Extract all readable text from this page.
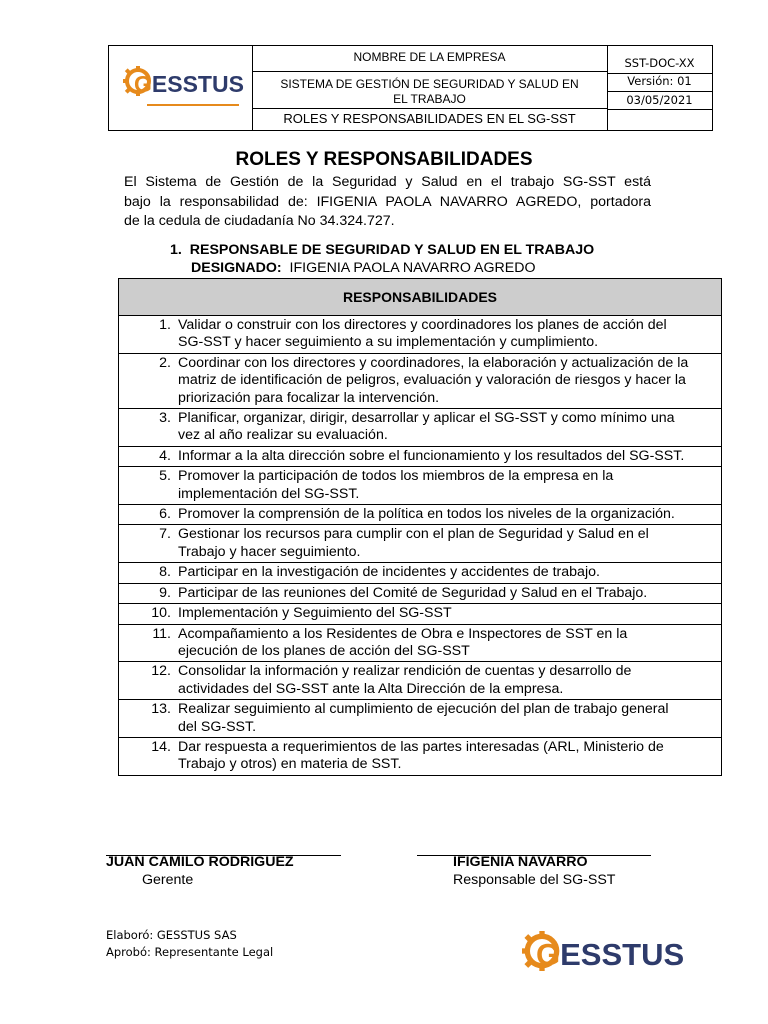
GESSTUS
NOMBRE DE LA EMPRESA
SISTEMA DE GESTIÓN DE SEGURIDAD Y SALUD EN
EL TRABAJO
ROLES Y RESPONSABILIDADES EN EL SG-SST
SST-DOC-XX
Versión: 01
03/05/2021
ROLES Y RESPONSABILIDADES
El Sistema de Gestión de la Seguridad y Salud en el trabajo SG-SST está
bajo la responsabilidad de: IFIGENIA PAOLA NAVARRO AGREDO, portadora
de la cedula de ciudadanía No 34.324.727.
1. RESPONSABLE DE SEGURIDAD Y SALUD EN EL TRABAJO
DESIGNADO: IFIGENIA PAOLA NAVARRO AGREDO
RESPONSABILIDADES
1. Validar o construir con los directores y coordinadores los planes de acción del
SG-SST y hacer seguimiento a su implementación y cumplimiento.
2. Coordinar con los directores y coordinadores, la elaboración y actualización de la
matriz de identificación de peligros, evaluación y valoración de riesgos y hacer la
priorización para focalizar la intervención.
3. Planificar, organizar, dirigir, desarrollar y aplicar el SG-SST y como mínimo una
vez al año realizar su evaluación.
4. Informar a la alta dirección sobre el funcionamiento y los resultados del SG-SST.
5. Promover la participación de todos los miembros de la empresa en la
implementación del SG-SST.
6. Promover la comprensión de la política en todos los niveles de la organización.
7. Gestionar los recursos para cumplir con el plan de Seguridad y Salud en el
Trabajo y hacer seguimiento.
8. Participar en la investigación de incidentes y accidentes de trabajo.
9. Participar de las reuniones del Comité de Seguridad y Salud en el Trabajo.
10. Implementación y Seguimiento del SG-SST
11. Acompañamiento a los Residentes de Obra e Inspectores de SST en la
ejecución de los planes de acción del SG-SST
12. Consolidar la información y realizar rendición de cuentas y desarrollo de
actividades del SG-SST ante la Alta Dirección de la empresa.
13. Realizar seguimiento al cumplimiento de ejecución del plan de trabajo general
del SG-SST.
14. Dar respuesta a requerimientos de las partes interesadas (ARL, Ministerio de
Trabajo y otros) en materia de SST.
JUAN CAMILO RODRIGUEZ
Gerente
IFIGENIA NAVARRO
Responsable del SG-SST
Elaboró: GESSTUS SAS
Aprobó: Representante Legal	GESSTUS
